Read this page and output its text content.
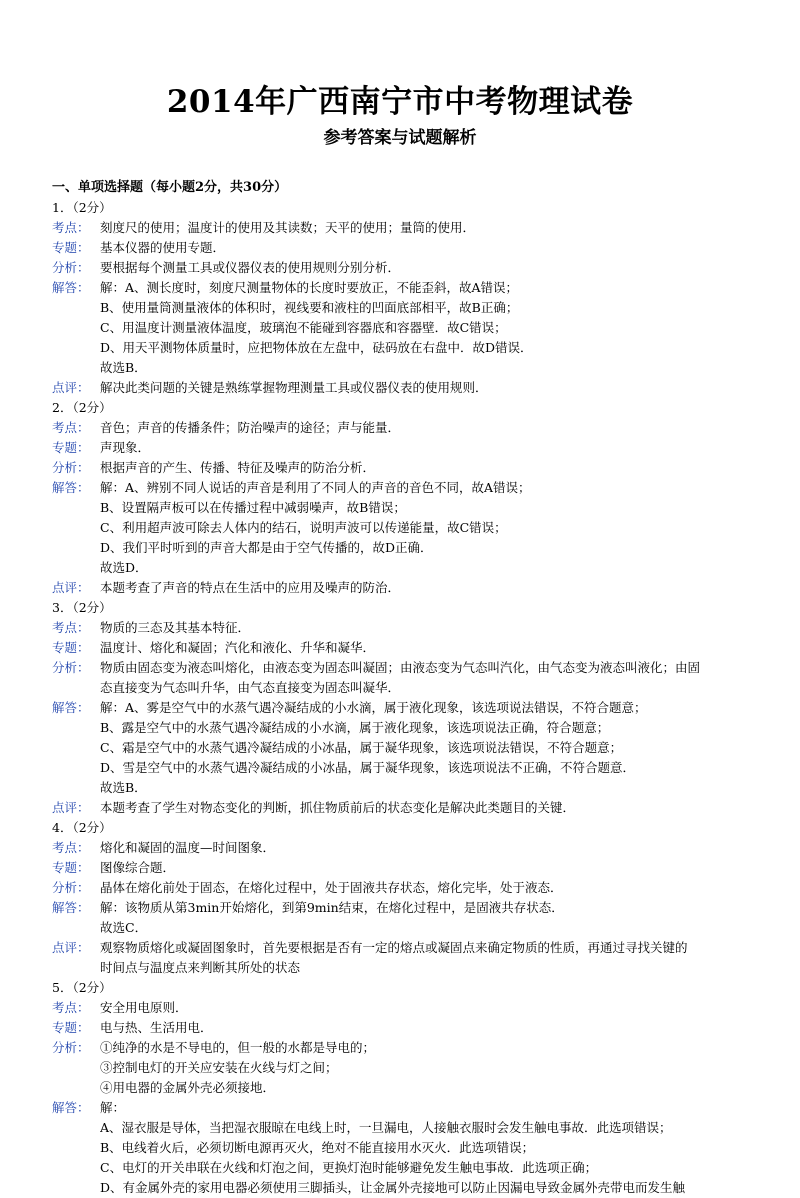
2014年广西南宁市中考物理试卷
参考答案与试题解析
一、单项选择题（每小题2分，共30分）
1．（2分）
考点： 刻度尺的使用；温度计的使用及其读数；天平的使用；量筒的使用．
专题： 基本仪器的使用专题．
分析： 要根据每个测量工具或仪器仪表的使用规则分别分析．
解答： 解：A、测长度时，刻度尺测量物体的长度时要放正，不能歪斜，故A错误；
B、使用量筒测量液体的体积时，视线要和液柱的凹面底部相平，故B正确；
C、用温度计测量液体温度，玻璃泡不能碰到容器底和容器壁．故C错误；
D、用天平测物体质量时，应把物体放在左盘中，砝码放在右盘中．故D错误．
故选B．
点评： 解决此类问题的关键是熟练掌握物理测量工具或仪器仪表的使用规则．
2．（2分）
考点： 音色；声音的传播条件；防治噪声的途径；声与能量．
专题： 声现象．
分析： 根据声音的产生、传播、特征及噪声的防治分析．
解答： 解：A、辨别不同人说话的声音是利用了不同人的声音的音色不同，故A错误；
B、设置隔声板可以在传播过程中减弱噪声，故B错误；
C、利用超声波可除去人体内的结石，说明声波可以传递能量，故C错误；
D、我们平时听到的声音大都是由于空气传播的，故D正确．
故选D．
点评： 本题考查了声音的特点在生活中的应用及噪声的防治．
3．（2分）
考点： 物质的三态及其基本特征．
专题： 温度计、熔化和凝固；汽化和液化、升华和凝华．
分析： 物质由固态变为液态叫熔化，由液态变为固态叫凝固；由液态变为气态叫汽化，由气态变为液态叫液化；由固
态直接变为气态叫升华，由气态直接变为固态叫凝华．
解答： 解：A、雾是空气中的水蒸气遇冷凝结成的小水滴，属于液化现象，该选项说法错误，不符合题意；
B、露是空气中的水蒸气遇冷凝结成的小水滴，属于液化现象，该选项说法正确，符合题意；
C、霜是空气中的水蒸气遇冷凝结成的小冰晶，属于凝华现象，该选项说法错误，不符合题意；
D、雪是空气中的水蒸气遇冷凝结成的小冰晶，属于凝华现象，该选项说法不正确，不符合题意．
故选B．
点评： 本题考查了学生对物态变化的判断，抓住物质前后的状态变化是解决此类题目的关键．
4．（2分）
考点： 熔化和凝固的温度—时间图象．
专题： 图像综合题．
分析： 晶体在熔化前处于固态，在熔化过程中，处于固液共存状态，熔化完毕，处于液态．
解答： 解：该物质从第3min开始熔化，到第9min结束，在熔化过程中，是固液共存状态．
故选C．
点评： 观察物质熔化或凝固图象时，首先要根据是否有一定的熔点或凝固点来确定物质的性质，再通过寻找关键的
时间点与温度点来判断其所处的状态
5．（2分）
考点： 安全用电原则．
专题： 电与热、生活用电．
分析： ①纯净的水是不导电的，但一般的水都是导电的；
③控制电灯的开关应安装在火线与灯之间；
④用电器的金属外壳必须接地．
解答： 解：
A、湿衣服是导体，当把湿衣服晾在电线上时，一旦漏电，人接触衣服时会发生触电事故．此选项错误；
B、电线着火后，必须切断电源再灭火，绝对不能直接用水灭火．此选项错误；
C、电灯的开关串联在火线和灯泡之间，更换灯泡时能够避免发生触电事故．此选项正确；
D、有金属外壳的家用电器必须使用三脚插头，让金属外壳接地可以防止因漏电导致金属外壳带电而发生触
